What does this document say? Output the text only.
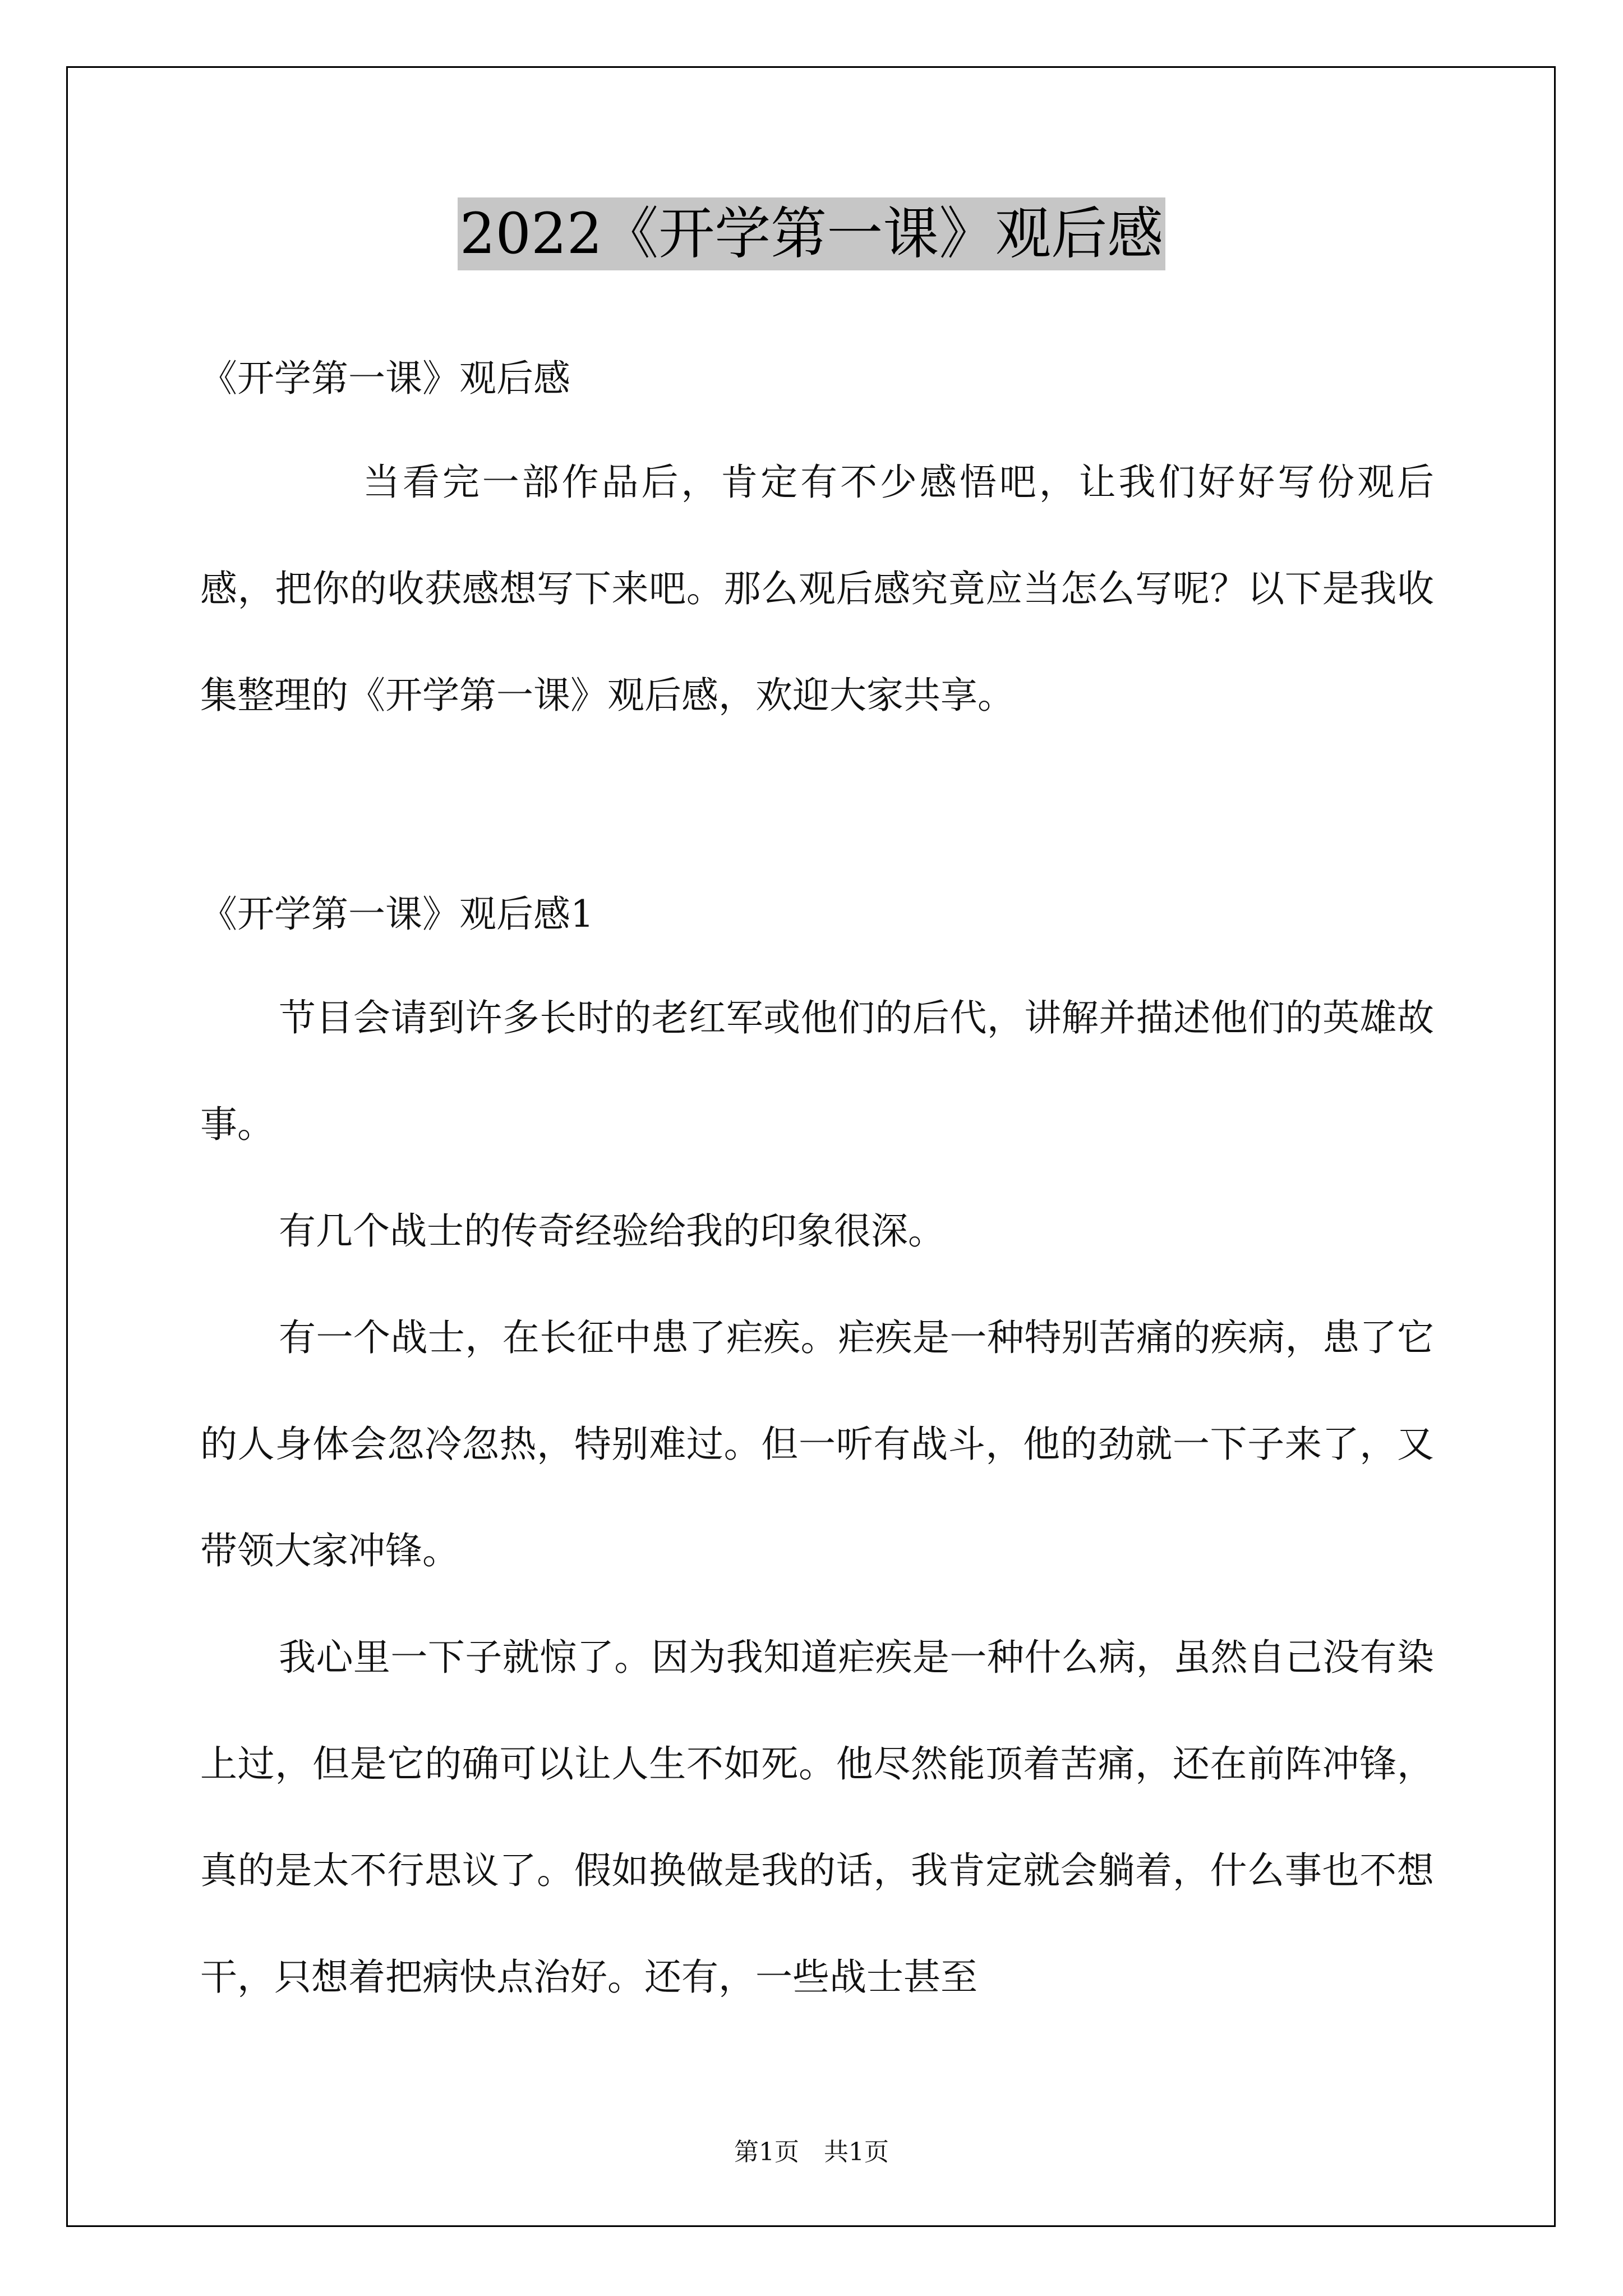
2022《开学第一课》观后感
《开学第一课》观后感
当看完一部作品后，肯定有不少感悟吧，让我们好好写份观后感，把你的收获感想写下来吧。那么观后感究竟应当怎么写呢？以下是我收集整理的《开学第一课》观后感，欢迎大家共享。
《开学第一课》观后感1
节目会请到许多长时的老红军或他们的后代，讲解并描述他们的英雄故事。
有几个战士的传奇经验给我的印象很深。
有一个战士，在长征中患了疟疾。疟疾是一种特别苦痛的疾病，患了它的人身体会忽冷忽热，特别难过。但一听有战斗，他的劲就一下子来了，又带领大家冲锋。
我心里一下子就惊了。因为我知道疟疾是一种什么病，虽然自己没有染上过，但是它的确可以让人生不如死。他尽然能顶着苦痛，还在前阵冲锋，真的是太不行思议了。假如换做是我的话，我肯定就会躺着，什么事也不想干，只想着把病快点治好。还有，一些战士甚至
第1页　共1页
